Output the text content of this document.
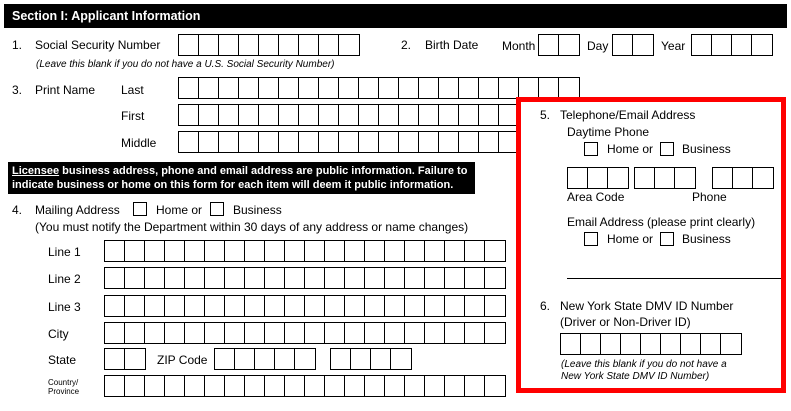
Section I: Applicant Information
1. Social Security Number
(Leave this blank if you do not have a U.S. Social Security Number)
2. Birth Date Month	Day	Year
3. Print Name Last
First
Middle
Licensee business address, phone and email address are public information. Failure to indicate business or home on this form for each item will deem it public information.
4. Mailing Address	Home or	Business
(You must notify the Department within 30 days of any address or name changes)
Line 1
Line 2
Line 3
City
State	ZIP Code
Country/
Province
5. Telephone/Email Address
Daytime Phone
Home or Business
Area Code	Phone
Email Address (please print clearly)
Home or Business
6. New York State DMV ID Number
(Driver or Non-Driver ID)
(Leave this blank if you do not have a
New York State DMV ID Number)
